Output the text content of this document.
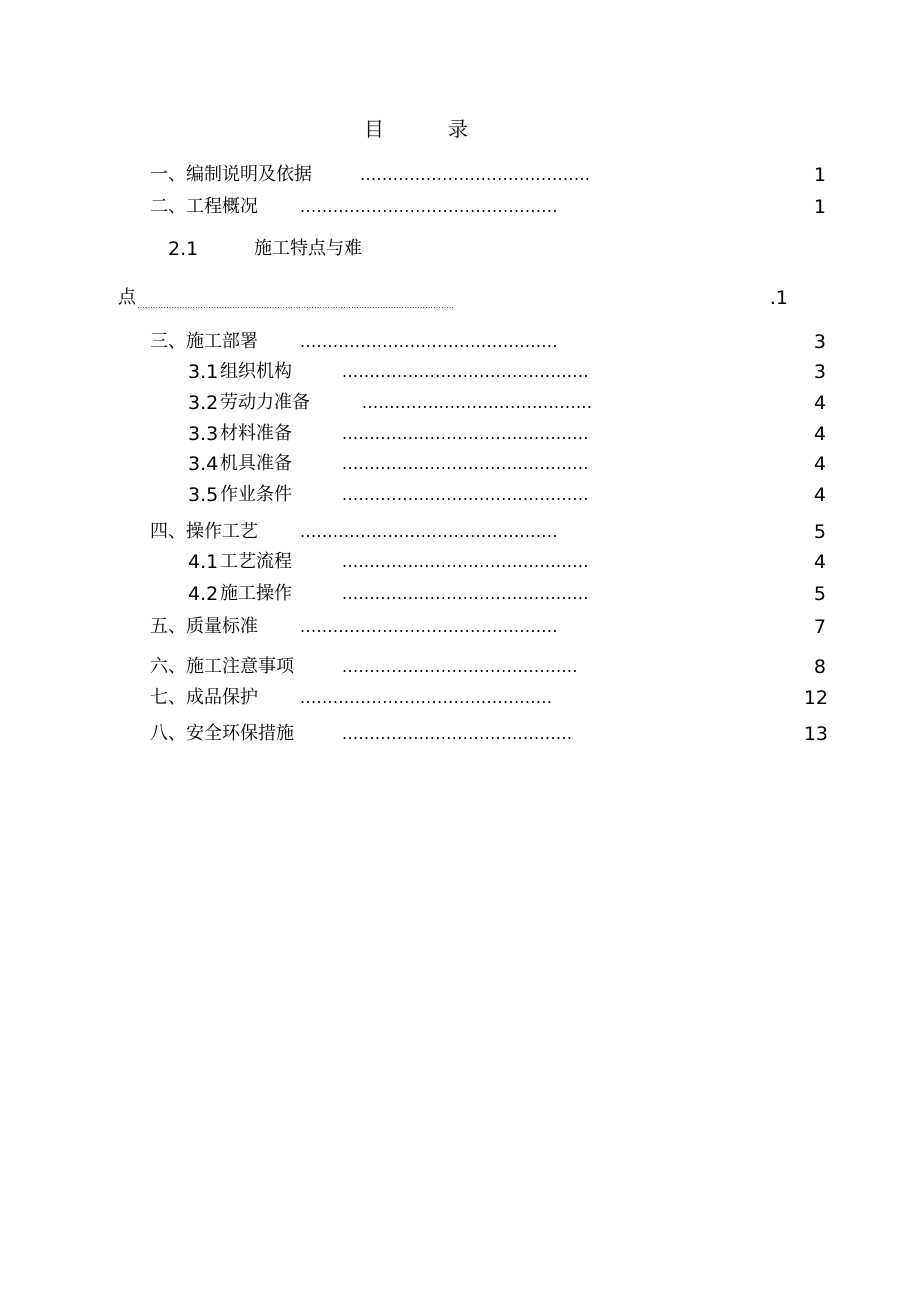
目	录
一、编制说明及依据	..........................................	1
二、工程概况	...............................................	1
2.1	施工特点与难
点 ........................................................................................................................	.1
三、施工部署	...............................................	3
3.1 组织机构	.............................................	3
3.2 劳动力准备	..........................................	4
3.3 材料准备	.............................................	4
3.4 机具准备	.............................................	4
3.5 作业条件	.............................................	4
四、操作工艺	...............................................	5
4.1 工艺流程	.............................................	4
4.2 施工操作	.............................................	5
五、质量标准	...............................................	7
六、施工注意事项	...........................................	8
七、成品保护	..............................................	12
八、安全环保措施	..........................................	13
